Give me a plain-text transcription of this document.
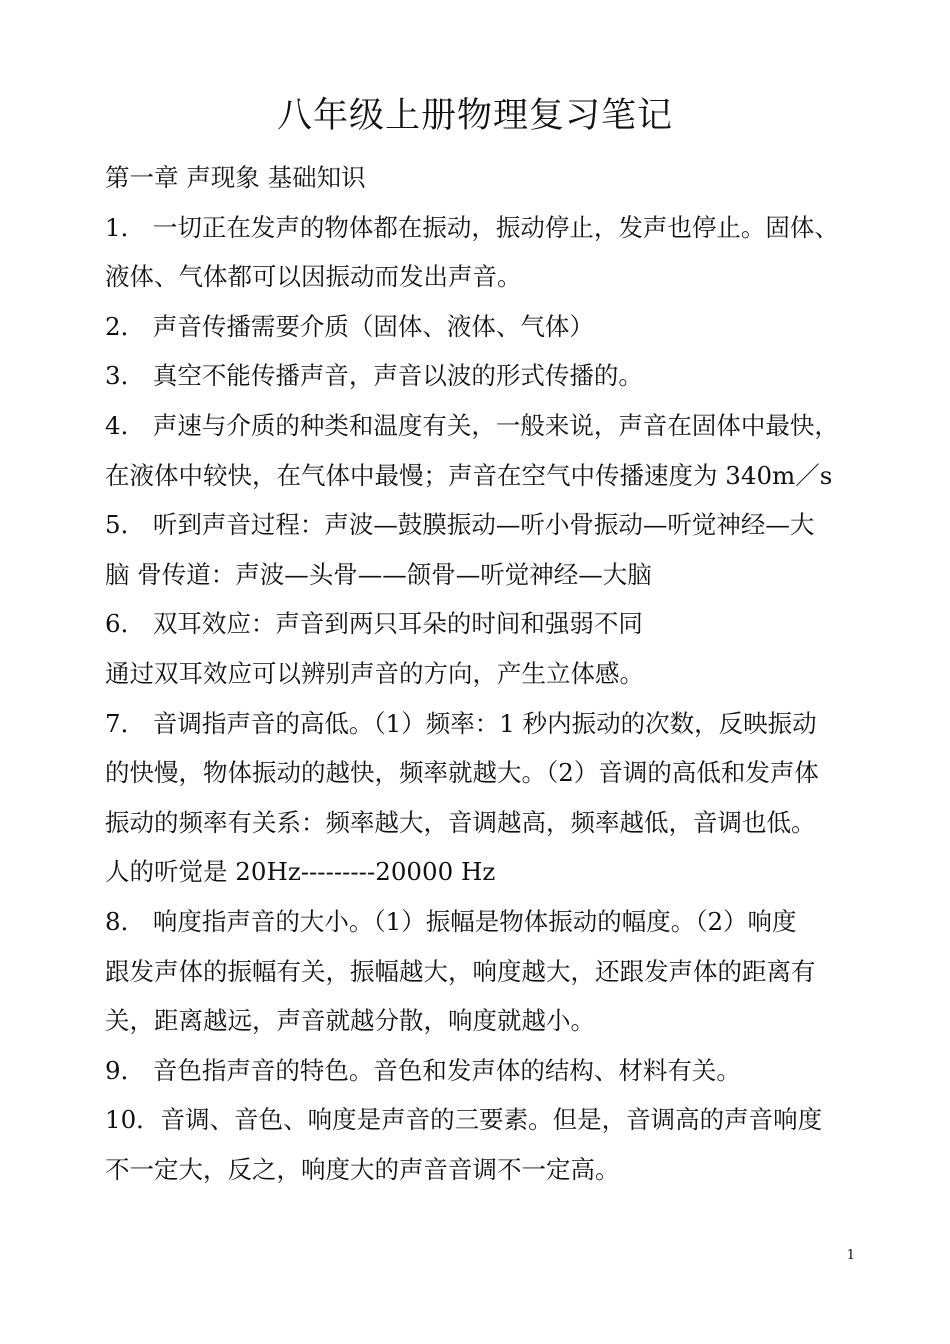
八年级上册物理复习笔记
第一章 声现象 基础知识
1． 一切正在发声的物体都在振动，振动停止，发声也停止。固体、
液体、气体都可以因振动而发出声音。
2． 声音传播需要介质（固体、液体、气体）
3． 真空不能传播声音，声音以波的形式传播的。
4． 声速与介质的种类和温度有关，一般来说，声音在固体中最快，
在液体中较快，在气体中最慢；声音在空气中传播速度为 340m／s
5． 听到声音过程：声波—鼓膜振动—听小骨振动—听觉神经—大
脑 骨传道：声波—头骨——颌骨—听觉神经—大脑
6． 双耳效应：声音到两只耳朵的时间和强弱不同
通过双耳效应可以辨别声音的方向，产生立体感。
7． 音调指声音的高低。（1）频率：1 秒内振动的次数，反映振动
的快慢，物体振动的越快，频率就越大。（2）音调的高低和发声体
振动的频率有关系：频率越大，音调越高，频率越低，音调也低。
人的听觉是 20Hz---------20000 Hz
8． 响度指声音的大小。（1）振幅是物体振动的幅度。（2）响度
跟发声体的振幅有关，振幅越大，响度越大，还跟发声体的距离有
关，距离越远，声音就越分散，响度就越小。
9． 音色指声音的特色。音色和发声体的结构、材料有关。
10．音调、音色、响度是声音的三要素。但是，音调高的声音响度
不一定大，反之，响度大的声音音调不一定高。
1
